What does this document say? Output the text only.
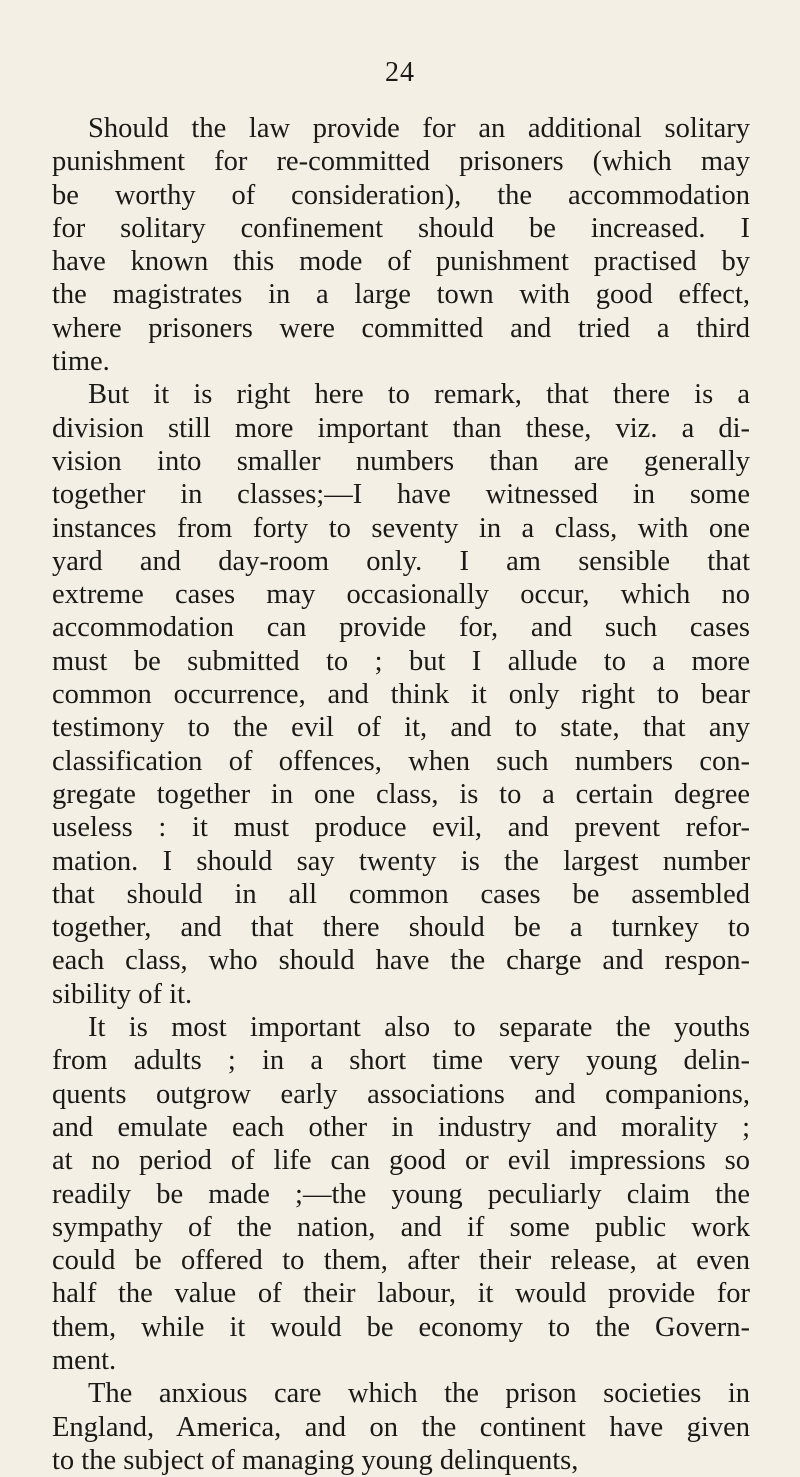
24
Should the law provide for an additional solitary
punishment for re-committed prisoners (which may
be worthy of consideration), the accommodation
for solitary confinement should be increased. I
have known this mode of punishment practised by
the magistrates in a large town with good effect,
where prisoners were committed and tried a third
time.
But it is right here to remark, that there is a
division still more important than these, viz. a di-
vision into smaller numbers than are generally
together in classes;—I have witnessed in some
instances from forty to seventy in a class, with one
yard and day-room only. I am sensible that
extreme cases may occasionally occur, which no
accommodation can provide for, and such cases
must be submitted to ; but I allude to a more
common occurrence, and think it only right to bear
testimony to the evil of it, and to state, that any
classification of offences, when such numbers con-
gregate together in one class, is to a certain degree
useless : it must produce evil, and prevent refor-
mation. I should say twenty is the largest number
that should in all common cases be assembled
together, and that there should be a turnkey to
each class, who should have the charge and respon-
sibility of it.
It is most important also to separate the youths
from adults ; in a short time very young delin-
quents outgrow early associations and companions,
and emulate each other in industry and morality ;
at no period of life can good or evil impressions so
readily be made ;—the young peculiarly claim the
sympathy of the nation, and if some public work
could be offered to them, after their release, at even
half the value of their labour, it would provide for
them, while it would be economy to the Govern-
ment.
The anxious care which the prison societies in
England, America, and on the continent have given
to the subject of managing young delinquents,
